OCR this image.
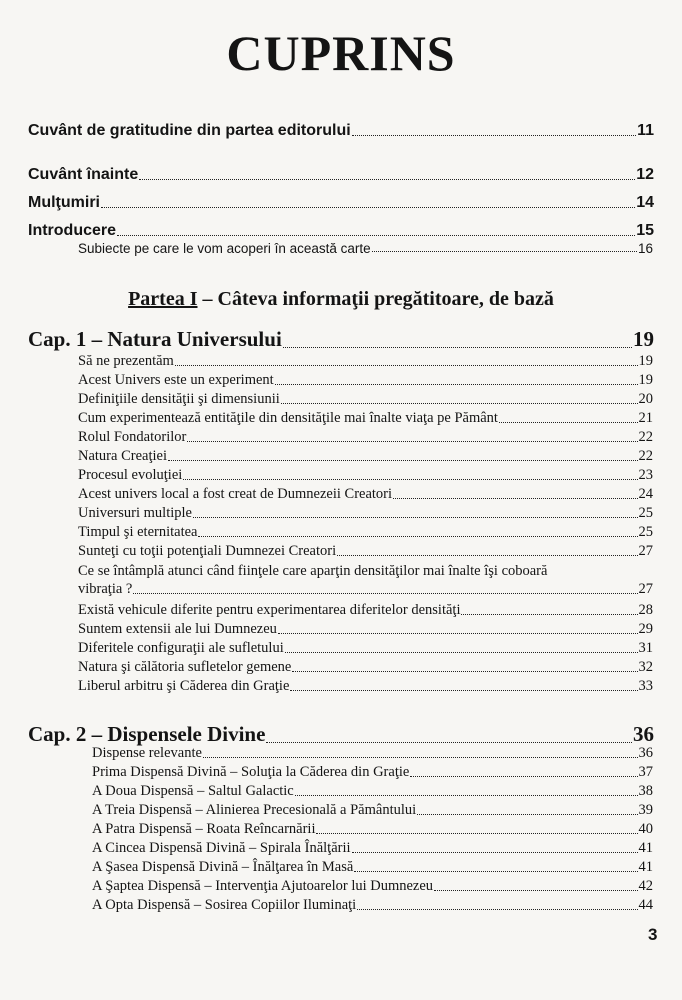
CUPRINS
Cuvânt de gratitudine din partea editorului	11
Cuvânt înainte	12
Mulţumiri	14
Introducere	15
Subiecte pe care le vom acoperi în această carte	16
Cap. 1 – Natura Universului	19
Să ne prezentăm	19
Acest Univers este un experiment	19
Definiţiile densităţii şi dimensiunii	20
Cum experimentează entităţile din densităţile mai înalte viaţa pe Pământ	21
Rolul Fondatorilor	22
Natura Creaţiei	22
Procesul evoluţiei	23
Acest univers local a fost creat de Dumnezeii Creatori	24
Universuri multiple	25
Timpul şi eternitatea	25
Sunteţi cu toţii potenţiali Dumnezei Creatori	27
Ce se întâmplă atunci când fiinţele care aparţin densităţilor mai înalte îşi coboară
vibraţia ?	27
Există vehicule diferite pentru experimentarea diferitelor densităţi	28
Suntem extensii ale lui Dumnezeu	29
Diferitele configuraţii ale sufletului	31
Natura şi călătoria sufletelor gemene	32
Liberul arbitru şi Căderea din Graţie	33
Cap. 2 – Dispensele Divine	36
Dispense relevante	36
Prima Dispensă Divină – Soluţia la Căderea din Graţie	37
A Doua Dispensă – Saltul Galactic	38
A Treia Dispensă – Alinierea Precesională a Pământului	39
A Patra Dispensă – Roata Reîncarnării	40
A Cincea Dispensă Divină – Spirala Înălţării	41
A Şasea Dispensă Divină – Înălţarea în Masă	41
A Şaptea Dispensă – Intervenţia Ajutoarelor lui Dumnezeu	42
A Opta Dispensă – Sosirea Copiilor Iluminaţi	44
Partea I – Câteva informaţii pregătitoare, de bază
3
